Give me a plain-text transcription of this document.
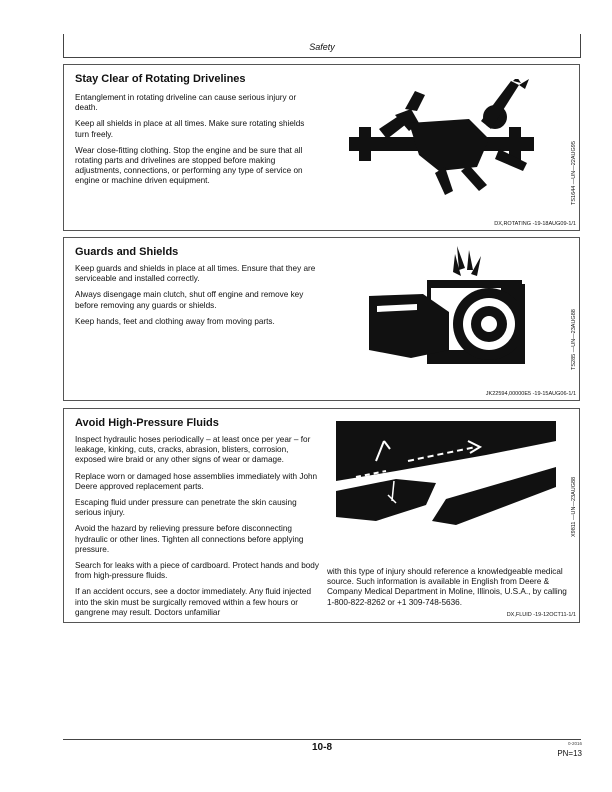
Safety
Stay Clear of Rotating Drivelines

Entanglement in rotating driveline can cause serious injury or death.

Keep all shields in place at all times. Make sure rotating shields turn freely.

Wear close-fitting clothing. Stop the engine and be sure that all rotating parts and drivelines are stopped before making adjustments, connections, or performing any type of service on engine or machine driven equipment.	TS1644 —UN—22AUG95
DX,ROTATING -19-18AUG09-1/1
Guards and Shields

Keep guards and shields in place at all times. Ensure that they are serviceable and installed correctly.

Always disengage main clutch, shut off engine and remove key before removing any guards or shields.

Keep hands, feet and clothing away from moving parts.	TS285 —UN—23AUG88
JK22594,00000E5 -19-15AUG06-1/1
Avoid High-Pressure Fluids

Inspect hydraulic hoses periodically – at least once per year – for leakage, kinking, cuts, cracks, abrasion, blisters, corrosion, exposed wire braid or any other signs of wear or damage.

Replace worn or damaged hose assemblies immediately with John Deere approved replacement parts.

Escaping fluid under pressure can penetrate the skin causing serious injury.

Avoid the hazard by relieving pressure before disconnecting hydraulic or other lines. Tighten all connections before applying pressure.

Search for leaks with a piece of cardboard. Protect hands and body from high-pressure fluids.

If an accident occurs, see a doctor immediately. Any fluid injected into the skin must be surgically removed within a few hours or gangrene may result. Doctors unfamiliar

X9811 —UN—23AUG88

with this type of injury should reference a knowledgeable medical source. Such information is available in English from Deere & Company Medical Department in Moline, Illinois, U.S.A., by calling 1-800-822-8262 or +1 309-748-5636.

DX,FLUID -19-12OCT11-1/1
10-8	0-2016
PN=13
